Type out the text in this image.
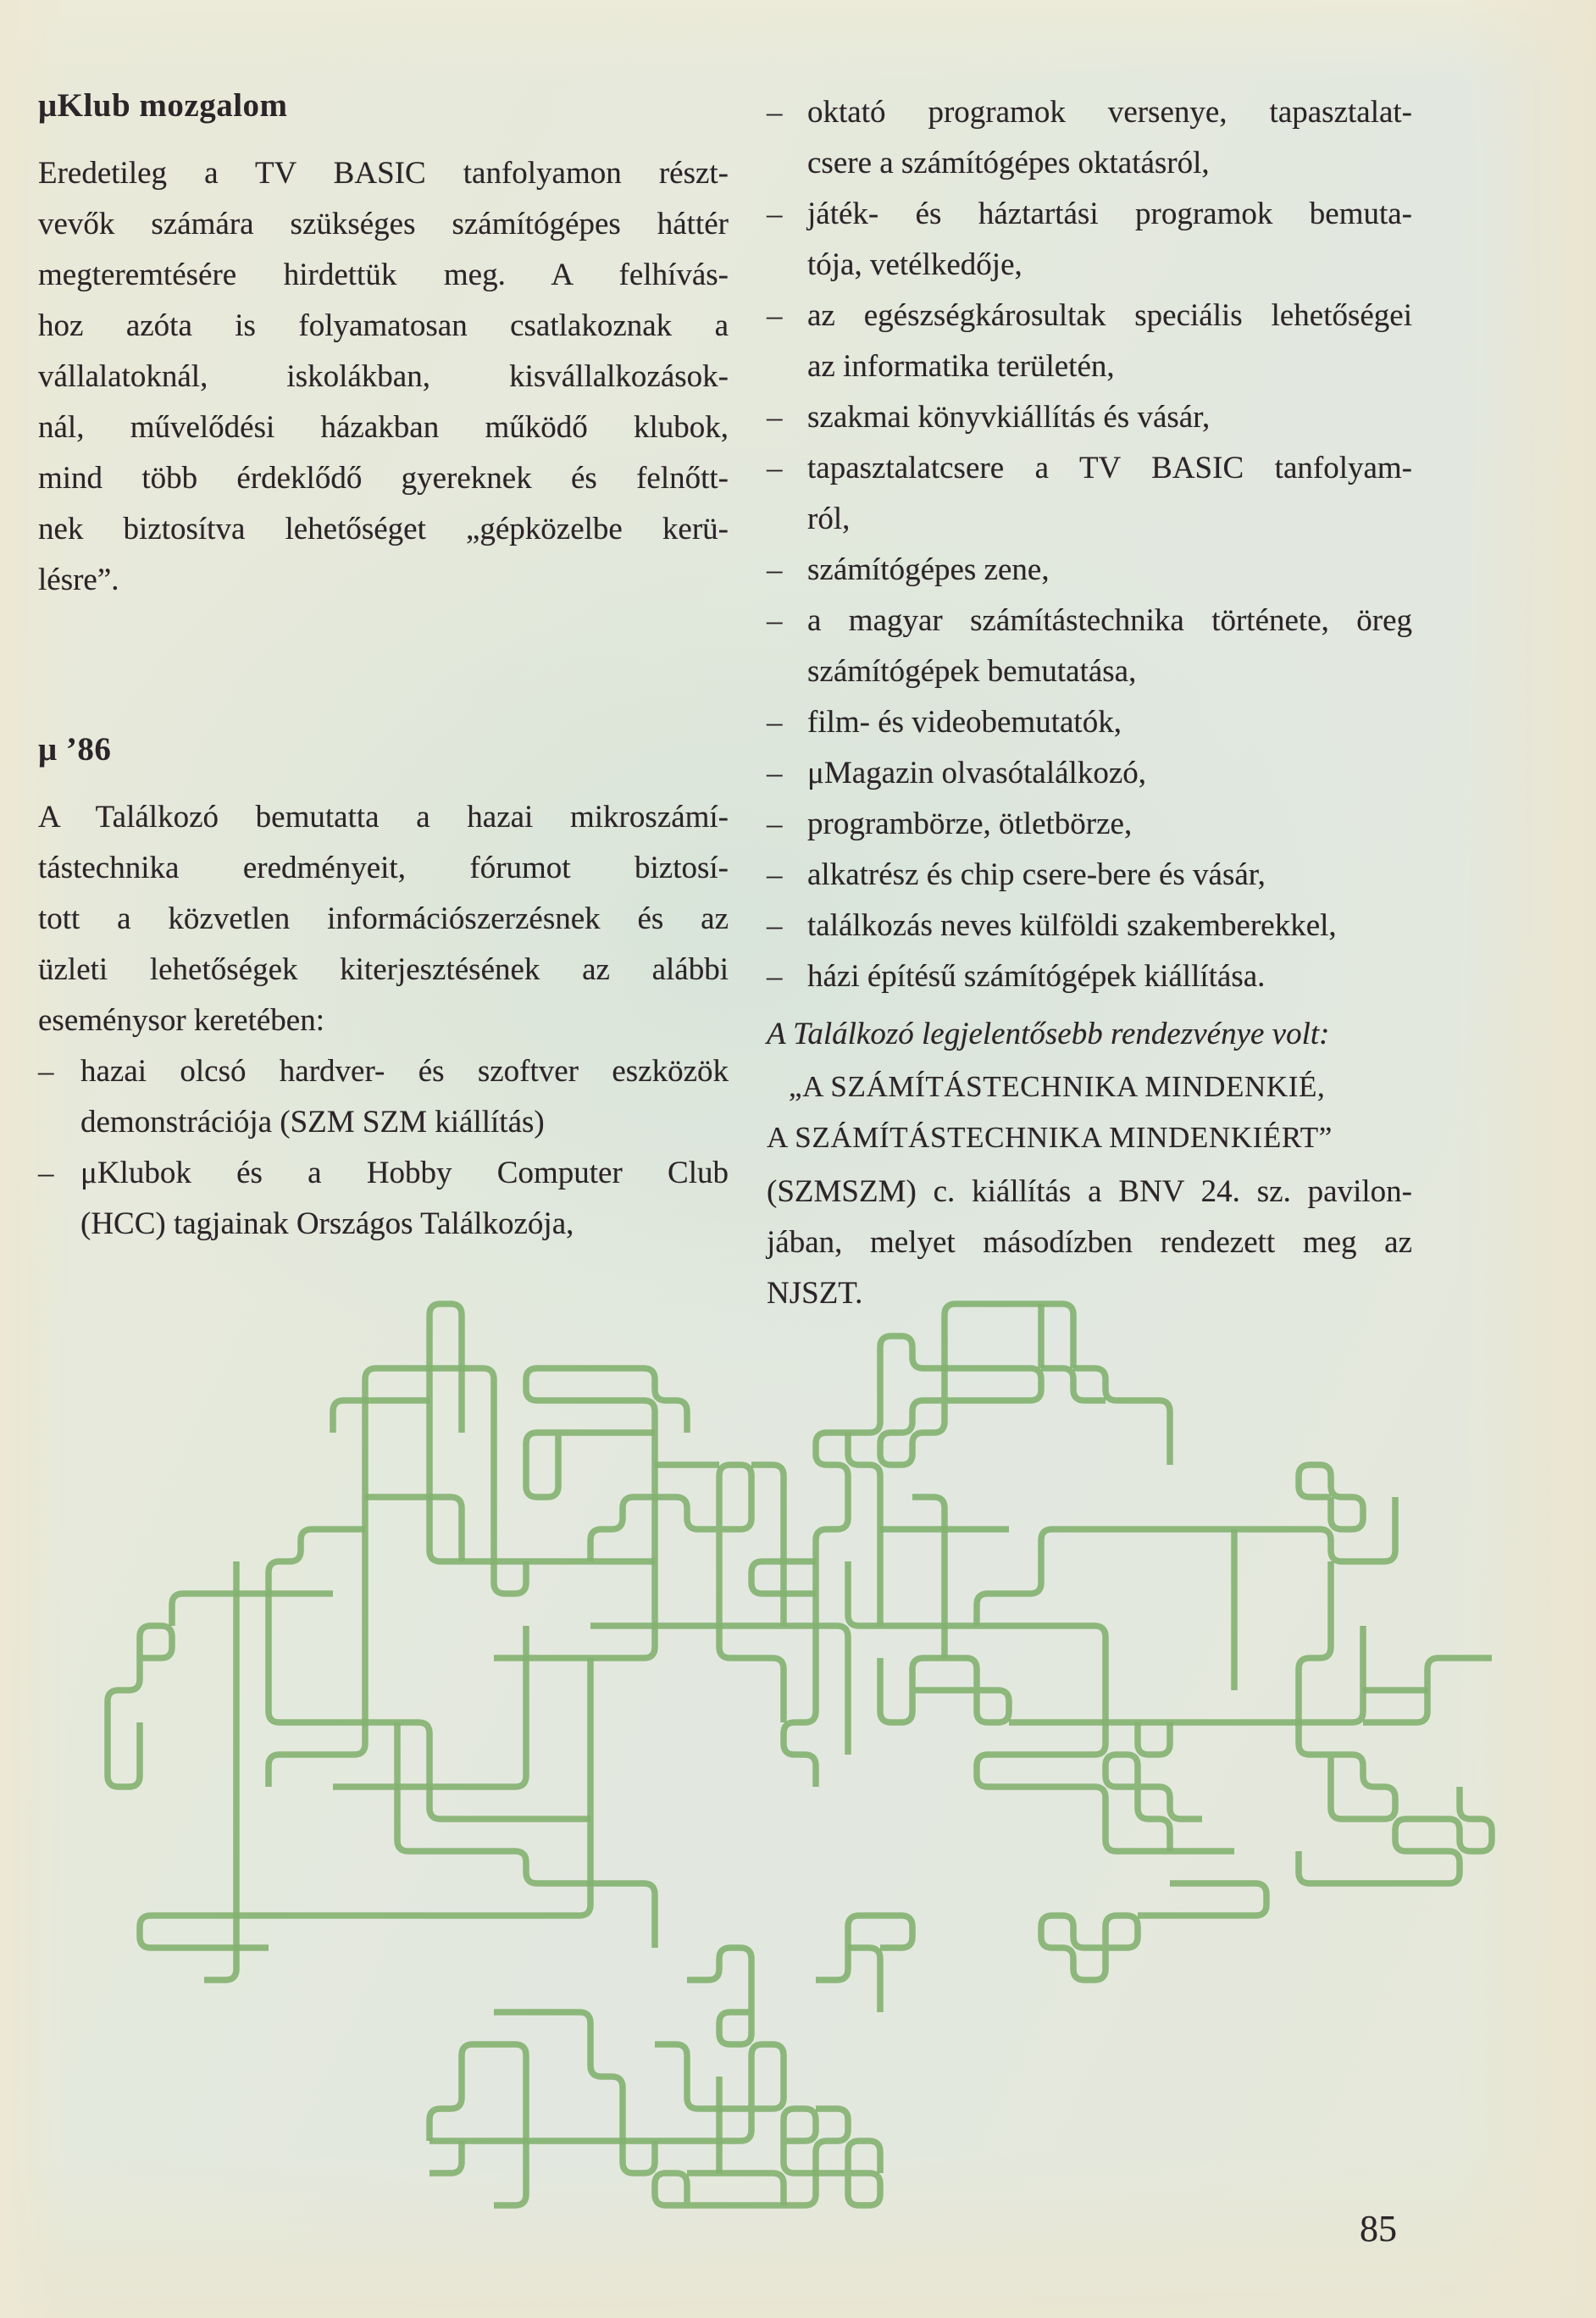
μKlub mozgalom
Eredetileg a TV BASIC tanfolyamon részt-
vevők számára szükséges számítógépes háttér
megteremtésére hirdettük meg. A felhívás-
hoz azóta is folyamatosan csatlakoznak a
vállalatoknál, iskolákban, kisvállalkozások-
nál, művelődési házakban működő klubok,
mind több érdeklődő gyereknek és felnőtt-
nek biztosítva lehetőséget „gépközelbe kerü-
lésre”.
μ ’86
A Találkozó bemutatta a hazai mikroszámí-
tástechnika eredményeit, fórumot biztosí-
tott a közvetlen információszerzésnek és az
üzleti lehetőségek kiterjesztésének az alábbi
eseménysor keretében:
– hazai olcsó hardver- és szoftver eszközök
demonstrációja (SZM SZM kiállítás)
– μKlubok és a Hobby Computer Club
(HCC) tagjainak Országos Találkozója,
– oktató programok versenye, tapasztalat-
csere a számítógépes oktatásról,
– játék- és háztartási programok bemuta-
tója, vetélkedője,
– az egészségkárosultak speciális lehetőségei
az informatika területén,
– szakmai könyvkiállítás és vásár,
– tapasztalatcsere a TV BASIC tanfolyam-
ról,
– számítógépes zene,
– a magyar számítástechnika története, öreg
számítógépek bemutatása,
– film- és videobemutatók,
– μMagazin olvasótalálkozó,
– programbörze, ötletbörze,
– alkatrész és chip csere-bere és vásár,
– találkozás neves külföldi szakemberekkel,
– házi építésű számítógépek kiállítása.
A Találkozó legjelentősebb rendezvénye volt:
„A SZÁMÍTÁSTECHNIKA MINDENKIÉ,
A SZÁMÍTÁSTECHNIKA MINDENKIÉRT”
(SZMSZM) c. kiállítás a BNV 24. sz. pavilon-
jában, melyet másodízben rendezett meg az
NJSZT.
85
